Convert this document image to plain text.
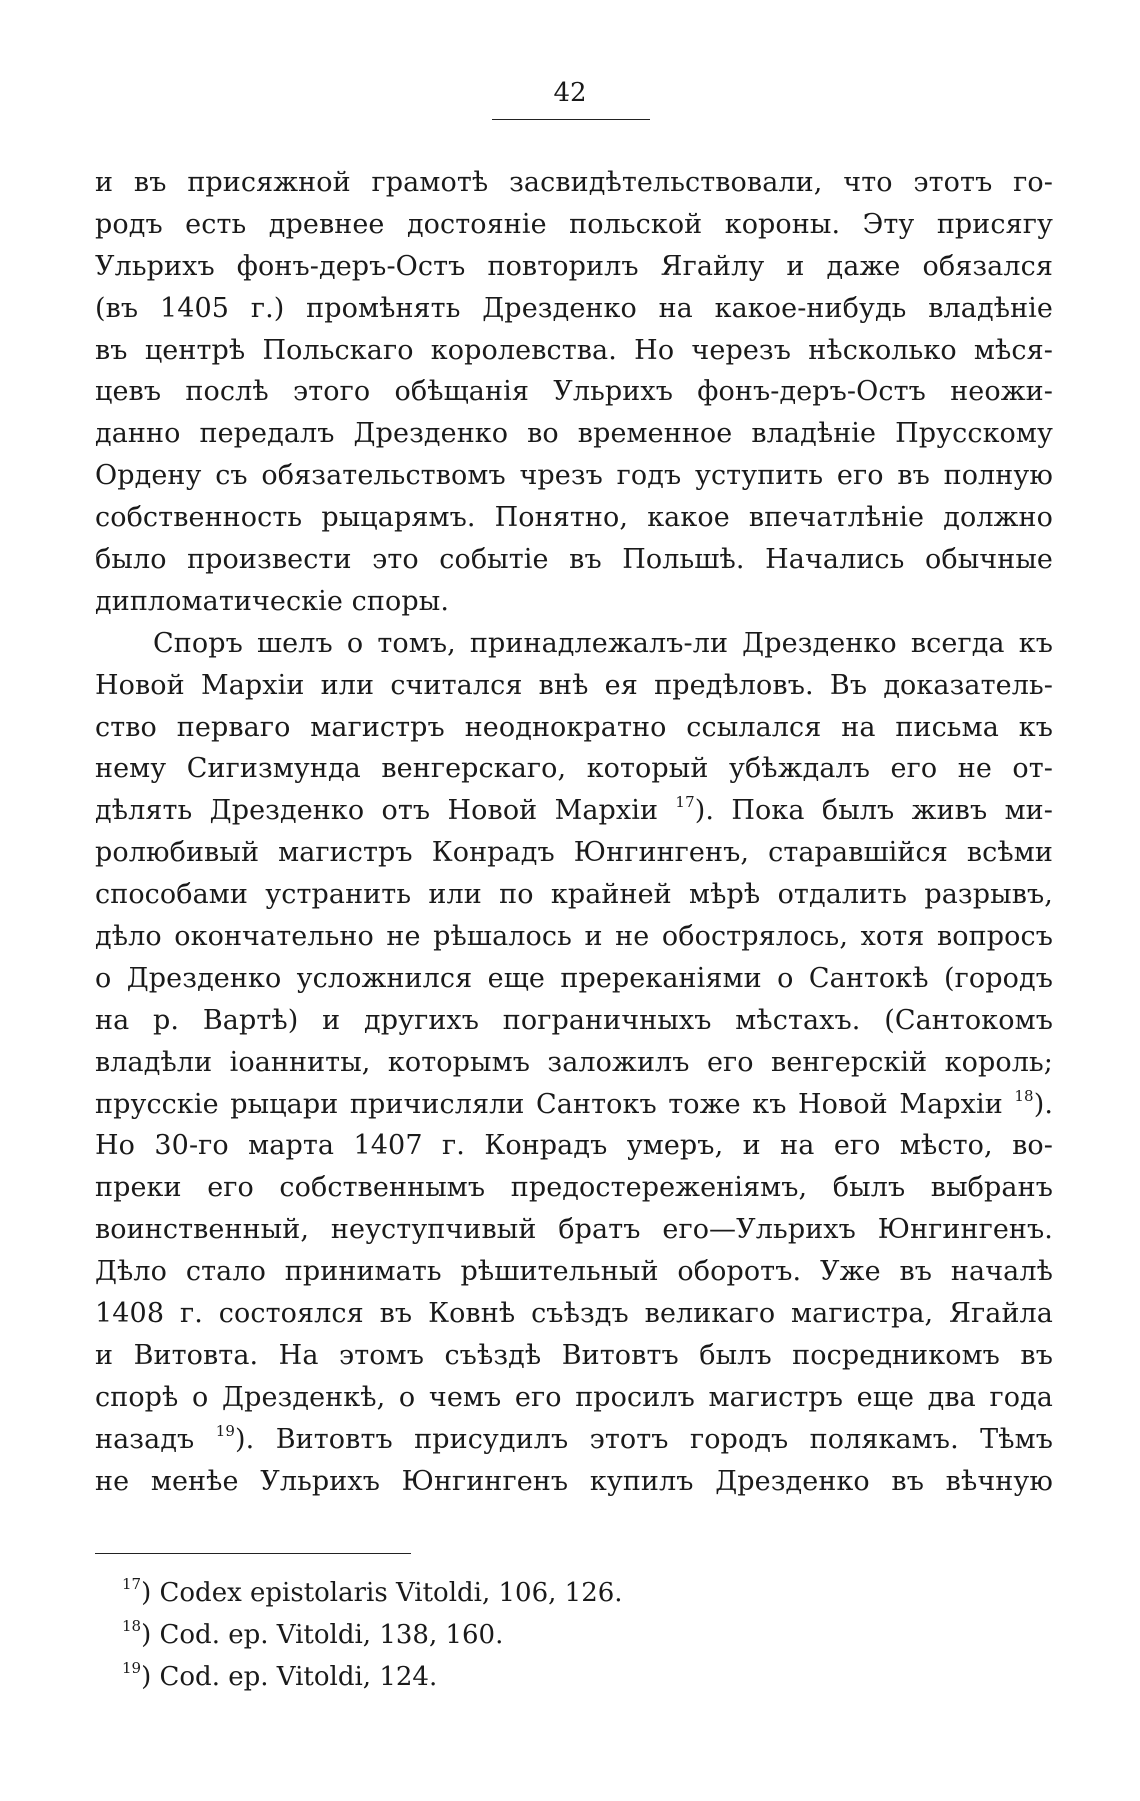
42
и въ присяжной грамотѣ засвидѣтельствовали, что этотъ го-
родъ есть древнее достояніе польской короны. Эту присягу
Ульрихъ фонъ-деръ-Остъ повторилъ Ягайлу и даже обязался
(въ 1405 г.) промѣнять Дрезденко на какое-нибудь владѣніе
въ центрѣ Польскаго королевства. Но черезъ нѣсколько мѣся-
цевъ послѣ этого обѣщанія Ульрихъ фонъ-деръ-Остъ неожи-
данно передалъ Дрезденко во временное владѣніе Прусскому
Ордену съ обязательствомъ чрезъ годъ уступить его въ полную
собственность рыцарямъ. Понятно, какое впечатлѣніе должно
было произвести это событіе въ Польшѣ. Начались обычные
дипломатическіе споры.
Споръ шелъ о томъ, принадлежалъ-ли Дрезденко всегда къ
Новой Мархіи или считался внѣ ея предѣловъ. Въ доказатель-
ство перваго магистръ неоднократно ссылался на письма къ
нему Сигизмунда венгерскаго, который убѣждалъ его не от-
дѣлять Дрезденко отъ Новой Мархіи $^{17}$). Пока былъ живъ ми-
ролюбивый магистръ Конрадъ Юнгингенъ, старавшійся всѣми
способами устранить или по крайней мѣрѣ отдалить разрывъ,
дѣло окончательно не рѣшалось и не обострялось, хотя вопросъ
о Дрезденко усложнился еще пререканіями о Сантокѣ (городъ
на р. Вартѣ) и другихъ пограничныхъ мѣстахъ. (Сантокомъ
владѣли іоанниты, которымъ заложилъ его венгерскій король;
прусскіе рыцари причисляли Сантокъ тоже къ Новой Мархіи $^{18}$).
Но 30-го марта 1407 г. Конрадъ умеръ, и на его мѣсто, во-
преки его собственнымъ предостереженіямъ, былъ выбранъ
воинственный, неуступчивый братъ его—Ульрихъ Юнгингенъ.
Дѣло стало принимать рѣшительный оборотъ. Уже въ началѣ
1408 г. состоялся въ Ковнѣ съѣздъ великаго магистра, Ягайла
и Витовта. На этомъ съѣздѣ Витовтъ былъ посредникомъ въ
спорѣ о Дрезденкѣ, о чемъ его просилъ магистръ еще два года
назадъ $^{19}$). Витовтъ присудилъ этотъ городъ полякамъ. Тѣмъ
не менѣе Ульрихъ Юнгингенъ купилъ Дрезденко въ вѣчную
$^{17}$) Codex epistolaris Vitoldi, 106, 126.
$^{18}$) Cod. ep. Vitoldi, 138, 160.
$^{19}$) Cod. ep. Vitoldi, 124.
